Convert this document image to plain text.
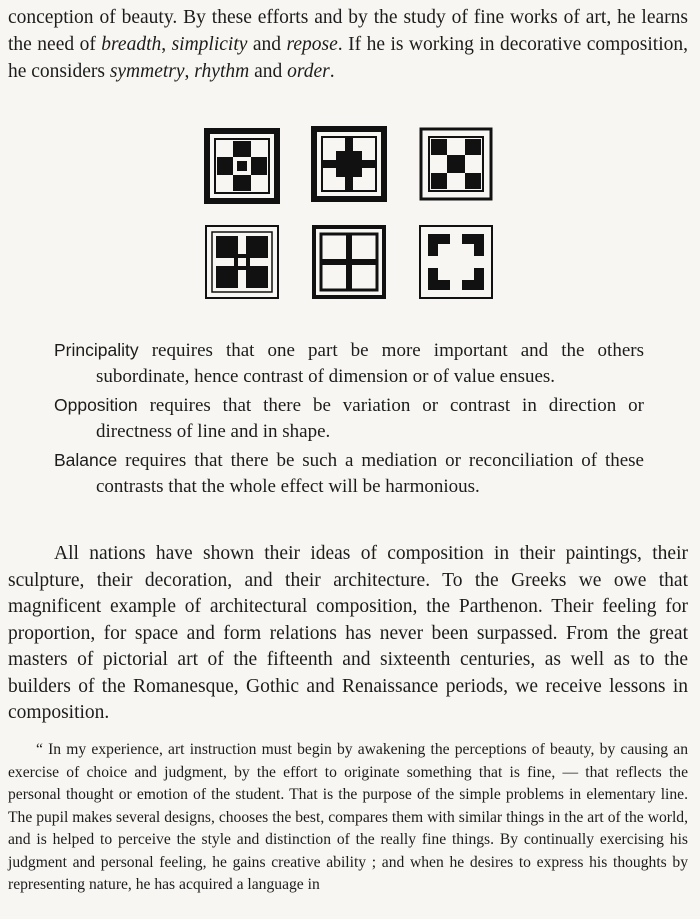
conception of beauty. By these efforts and by the study of fine works of art, he learns the need of breadth, simplicity and repose. If he is working in decorative composition, he considers symmetry, rhythm and order.

Principality requires that one part be more important and the others subordinate, hence contrast of dimension or of value ensues.

Opposition requires that there be variation or contrast in direction or directness of line and in shape.

Balance requires that there be such a mediation or reconciliation of these contrasts that the whole effect will be harmonious.

All nations have shown their ideas of composition in their paintings, their sculpture, their decoration, and their architecture. To the Greeks we owe that magnificent example of architectural composition, the Parthenon. Their feeling for proportion, for space and form relations has never been surpassed. From the great masters of pictorial art of the fifteenth and sixteenth centuries, as well as to the builders of the Romanesque, Gothic and Renaissance periods, we receive lessons in composition.

“ In my experience, art instruction must begin by awakening the perceptions of beauty, by causing an exercise of choice and judgment, by the effort to originate something that is fine, — that reflects the personal thought or emotion of the student. That is the purpose of the simple problems in elementary line. The pupil makes several designs, chooses the best, compares them with similar things in the art of the world, and is helped to perceive the style and distinction of the really fine things. By continually exercising his judgment and personal feeling, he gains creative ability ; and when he desires to express his thoughts by representing nature, he has acquired a language in
